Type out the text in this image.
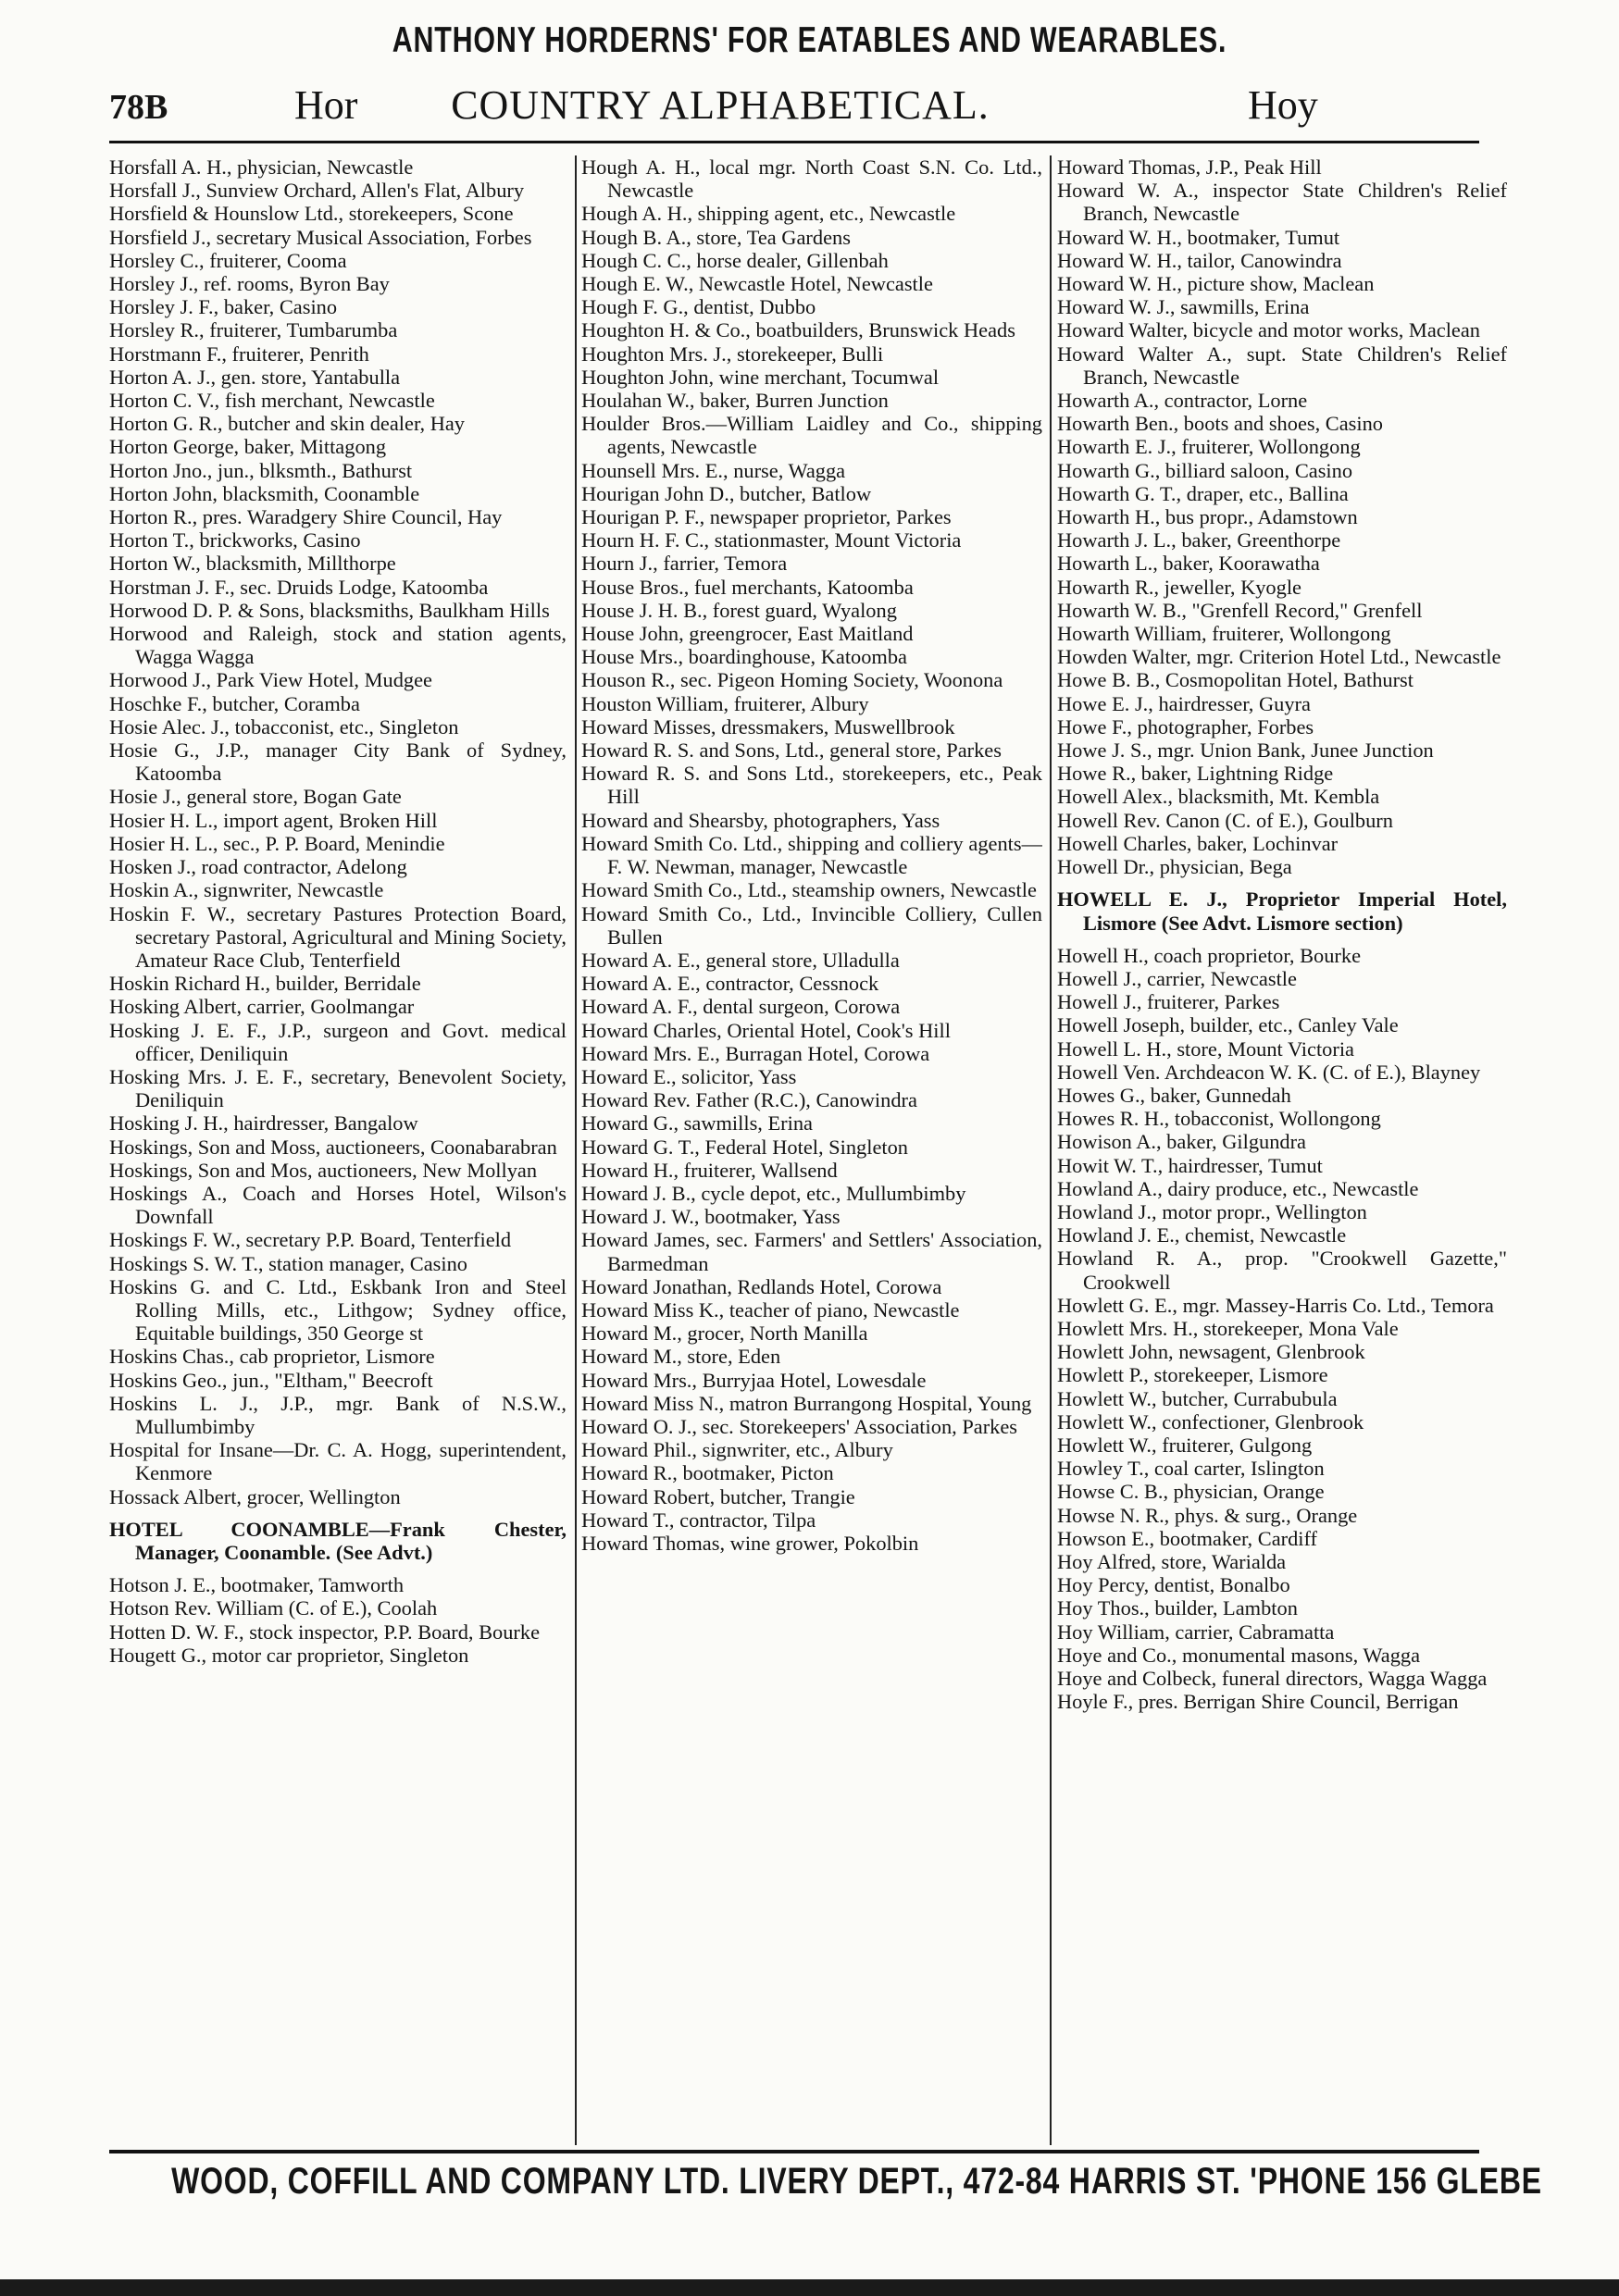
ANTHONY HORDERNS' FOR EATABLES AND WEARABLES.
COUNTRY ALPHABETICAL.
78B	Hor	Hoy

Horsfall A. H., physician, Newcastle

Horsfall J., Sunview Orchard, Allen's Flat, Albury

Horsfield & Hounslow Ltd., storekeepers, Scone

Horsfield J., secretary Musical Association, Forbes

Horsley C., fruiterer, Cooma

Horsley J., ref. rooms, Byron Bay

Horsley J. F., baker, Casino

Horsley R., fruiterer, Tumbarumba

Horstmann F., fruiterer, Penrith

Horton A. J., gen. store, Yantabulla

Horton C. V., fish merchant, Newcastle

Horton G. R., butcher and skin dealer, Hay

Horton George, baker, Mittagong

Horton Jno., jun., blksmth., Bathurst

Horton John, blacksmith, Coonamble

Horton R., pres. Waradgery Shire Council, Hay

Horton T., brickworks, Casino

Horton W., blacksmith, Millthorpe

Horstman J. F., sec. Druids Lodge, Katoomba

Horwood D. P. & Sons, blacksmiths, Baulkham Hills

Horwood and Raleigh, stock and station agents, Wagga Wagga

Horwood J., Park View Hotel, Mudgee

Hoschke F., butcher, Coramba

Hosie Alec. J., tobacconist, etc., Singleton

Hosie G., J.P., manager City Bank of Sydney, Katoomba

Hosie J., general store, Bogan Gate

Hosier H. L., import agent, Broken Hill

Hosier H. L., sec., P. P. Board, Menindie

Hosken J., road contractor, Adelong

Hoskin A., signwriter, Newcastle

Hoskin F. W., secretary Pastures Protection Board, secretary Pastoral, Agricultural and Mining Society, Amateur Race Club, Tenterfield

Hoskin Richard H., builder, Berridale

Hosking Albert, carrier, Goolmangar

Hosking J. E. F., J.P., surgeon and Govt. medical officer, Deniliquin

Hosking Mrs. J. E. F., secretary, Benevolent Society, Deniliquin

Hosking J. H., hairdresser, Bangalow

Hoskings, Son and Moss, auctioneers, Coonabarabran

Hoskings, Son and Mos, auctioneers, New Mollyan

Hoskings A., Coach and Horses Hotel, Wilson's Downfall

Hoskings F. W., secretary P.P. Board, Tenterfield

Hoskings S. W. T., station manager, Casino

Hoskins G. and C. Ltd., Eskbank Iron and Steel Rolling Mills, etc., Lithgow; Sydney office, Equitable buildings, 350 George st

Hoskins Chas., cab proprietor, Lismore

Hoskins Geo., jun., "Eltham," Beecroft

Hoskins L. J., J.P., mgr. Bank of N.S.W., Mullumbimby

Hospital for Insane—Dr. C. A. Hogg, superintendent, Kenmore

Hossack Albert, grocer, Wellington

HOTEL COONAMBLE—Frank Chester, Manager, Coonamble. (See Advt.)

Hotson J. E., bootmaker, Tamworth

Hotson Rev. William (C. of E.), Coolah

Hotten D. W. F., stock inspector, P.P. Board, Bourke

Hougett G., motor car proprietor, Singleton

Hough A. H., local mgr. North Coast S.N. Co. Ltd., Newcastle

Hough A. H., shipping agent, etc., Newcastle

Hough B. A., store, Tea Gardens

Hough C. C., horse dealer, Gillenbah

Hough E. W., Newcastle Hotel, Newcastle

Hough F. G., dentist, Dubbo

Houghton H. & Co., boatbuilders, Brunswick Heads

Houghton Mrs. J., storekeeper, Bulli

Houghton John, wine merchant, Tocumwal

Houlahan W., baker, Burren Junction

Houlder Bros.—William Laidley and Co., shipping agents, Newcastle

Hounsell Mrs. E., nurse, Wagga

Hourigan John D., butcher, Batlow

Hourigan P. F., newspaper proprietor, Parkes

Hourn H. F. C., stationmaster, Mount Victoria

Hourn J., farrier, Temora

House Bros., fuel merchants, Katoomba

House J. H. B., forest guard, Wyalong

House John, greengrocer, East Maitland

House Mrs., boardinghouse, Katoomba

Houson R., sec. Pigeon Homing Society, Woonona

Houston William, fruiterer, Albury

Howard Misses, dressmakers, Muswellbrook

Howard R. S. and Sons, Ltd., general store, Parkes

Howard R. S. and Sons Ltd., storekeepers, etc., Peak Hill

Howard and Shearsby, photographers, Yass

Howard Smith Co. Ltd., shipping and colliery agents—F. W. Newman, manager, Newcastle

Howard Smith Co., Ltd., steamship owners, Newcastle

Howard Smith Co., Ltd., Invincible Colliery, Cullen Bullen

Howard A. E., general store, Ulladulla

Howard A. E., contractor, Cessnock

Howard A. F., dental surgeon, Corowa

Howard Charles, Oriental Hotel, Cook's Hill

Howard Mrs. E., Burragan Hotel, Corowa

Howard E., solicitor, Yass

Howard Rev. Father (R.C.), Canowindra

Howard G., sawmills, Erina

Howard G. T., Federal Hotel, Singleton

Howard H., fruiterer, Wallsend

Howard J. B., cycle depot, etc., Mullumbimby

Howard J. W., bootmaker, Yass

Howard James, sec. Farmers' and Settlers' Association, Barmedman

Howard Jonathan, Redlands Hotel, Corowa

Howard Miss K., teacher of piano, Newcastle

Howard M., grocer, North Manilla

Howard M., store, Eden

Howard Mrs., Burryjaa Hotel, Lowesdale

Howard Miss N., matron Burrangong Hospital, Young

Howard O. J., sec. Storekeepers' Association, Parkes

Howard Phil., signwriter, etc., Albury

Howard R., bootmaker, Picton

Howard Robert, butcher, Trangie

Howard T., contractor, Tilpa

Howard Thomas, wine grower, Pokolbin

Howard Thomas, J.P., Peak Hill

Howard W. A., inspector State Children's Relief Branch, Newcastle

Howard W. H., bootmaker, Tumut

Howard W. H., tailor, Canowindra

Howard W. H., picture show, Maclean

Howard W. J., sawmills, Erina

Howard Walter, bicycle and motor works, Maclean

Howard Walter A., supt. State Children's Relief Branch, Newcastle

Howarth A., contractor, Lorne

Howarth Ben., boots and shoes, Casino

Howarth E. J., fruiterer, Wollongong

Howarth G., billiard saloon, Casino

Howarth G. T., draper, etc., Ballina

Howarth H., bus propr., Adamstown

Howarth J. L., baker, Greenthorpe

Howarth L., baker, Koorawatha

Howarth R., jeweller, Kyogle

Howarth W. B., "Grenfell Record," Grenfell

Howarth William, fruiterer, Wollongong

Howden Walter, mgr. Criterion Hotel Ltd., Newcastle

Howe B. B., Cosmopolitan Hotel, Bathurst

Howe E. J., hairdresser, Guyra

Howe F., photographer, Forbes

Howe J. S., mgr. Union Bank, Junee Junction

Howe R., baker, Lightning Ridge

Howell Alex., blacksmith, Mt. Kembla

Howell Rev. Canon (C. of E.), Goulburn

Howell Charles, baker, Lochinvar

Howell Dr., physician, Bega

HOWELL E. J., Proprietor Imperial Hotel, Lismore (See Advt. Lismore section)

Howell H., coach proprietor, Bourke

Howell J., carrier, Newcastle

Howell J., fruiterer, Parkes

Howell Joseph, builder, etc., Canley Vale

Howell L. H., store, Mount Victoria

Howell Ven. Archdeacon W. K. (C. of E.), Blayney

Howes G., baker, Gunnedah

Howes R. H., tobacconist, Wollongong

Howison A., baker, Gilgundra

Howit W. T., hairdresser, Tumut

Howland A., dairy produce, etc., Newcastle

Howland J., motor propr., Wellington

Howland J. E., chemist, Newcastle

Howland R. A., prop. "Crookwell Gazette," Crookwell

Howlett G. E., mgr. Massey-Harris Co. Ltd., Temora

Howlett Mrs. H., storekeeper, Mona Vale

Howlett John, newsagent, Glenbrook

Howlett P., storekeeper, Lismore

Howlett W., butcher, Currabubula

Howlett W., confectioner, Glenbrook

Howlett W., fruiterer, Gulgong

Howley T., coal carter, Islington

Howse C. B., physician, Orange

Howse N. R., phys. & surg., Orange

Howson E., bootmaker, Cardiff

Hoy Alfred, store, Warialda

Hoy Percy, dentist, Bonalbo

Hoy Thos., builder, Lambton

Hoy William, carrier, Cabramatta

Hoye and Co., monumental masons, Wagga

Hoye and Colbeck, funeral directors, Wagga Wagga

Hoyle F., pres. Berrigan Shire Council, Berrigan

WOOD, COFFILL AND COMPANY LTD. LIVERY DEPT., 472-84 HARRIS ST. 'PHONE 156 GLEBE
